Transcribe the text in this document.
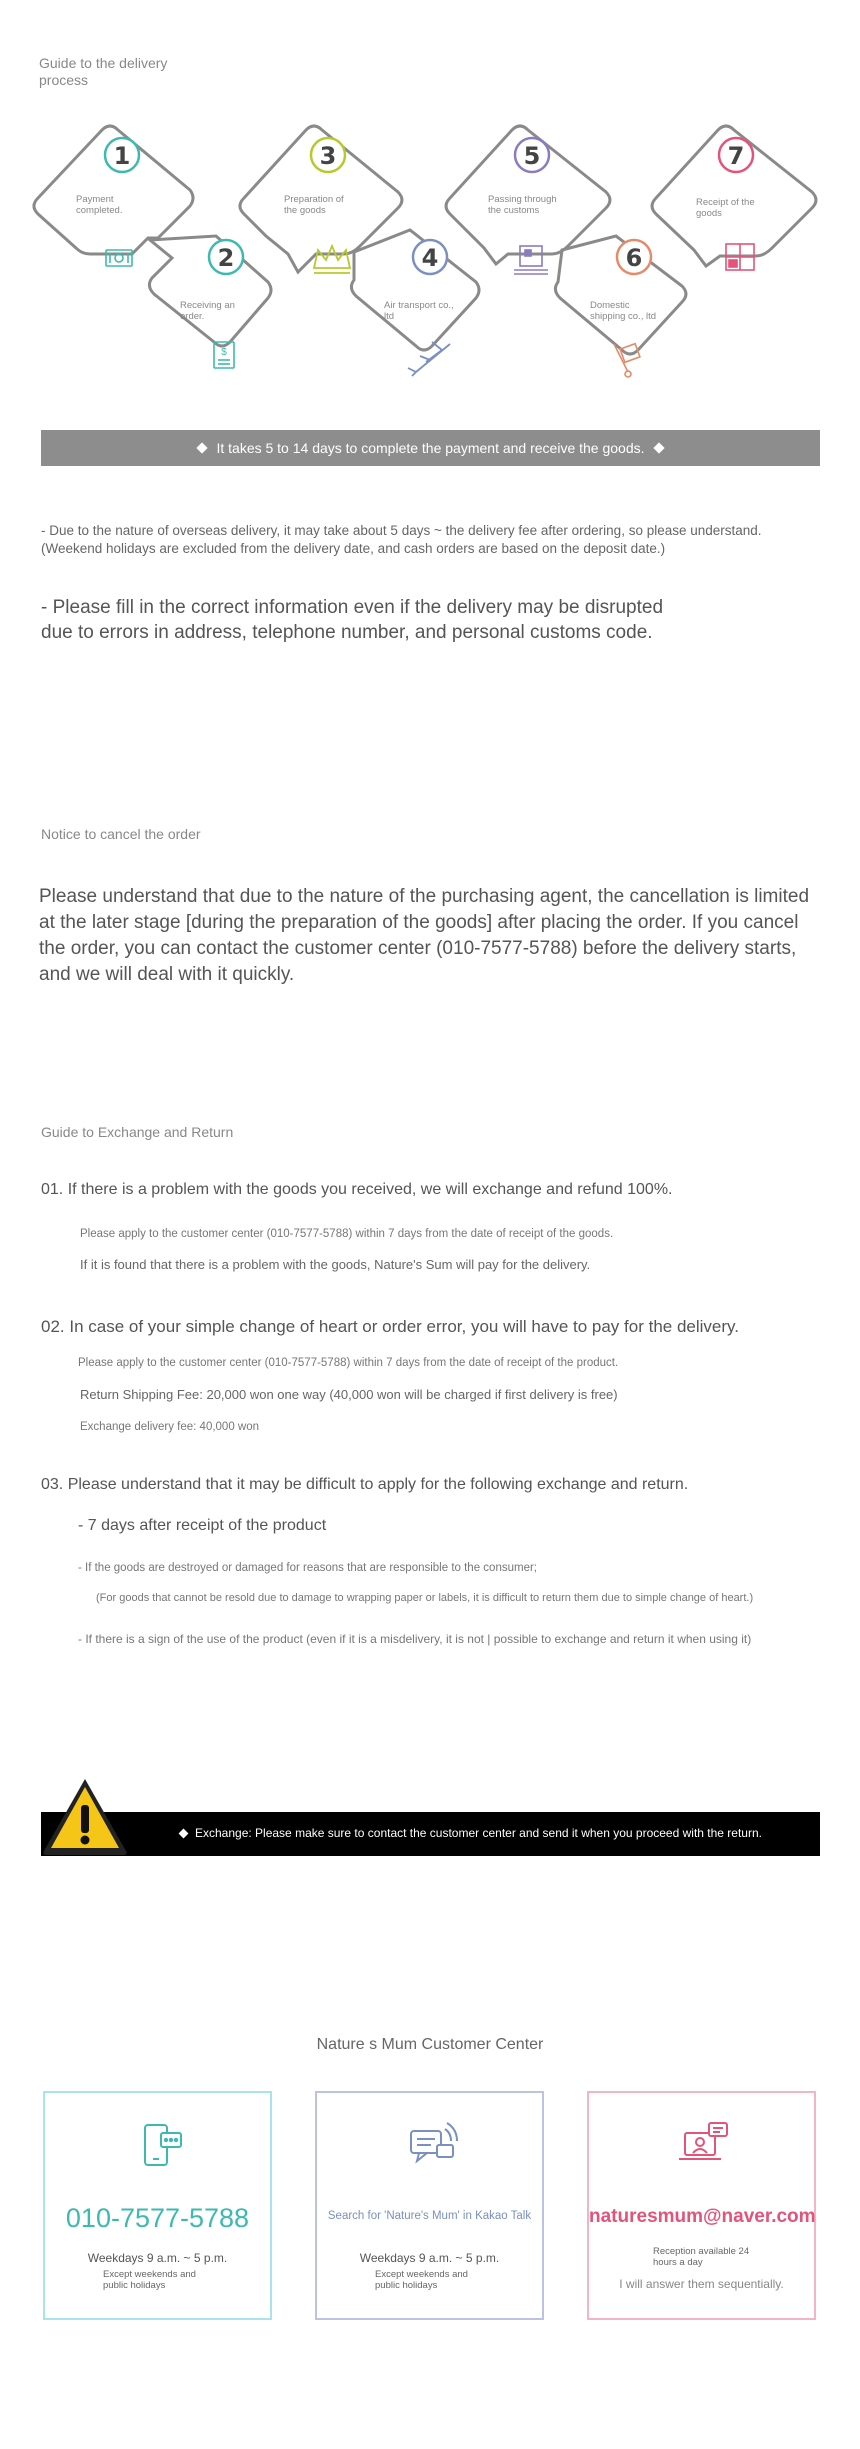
Guide to the delivery
process
1
2
3
4
5
6
7
Payment
completed.
Receiving an
order.
Preparation of
the goods
Air transport co.,
ltd
Passing through
the customs
Domestic
shipping co., ltd
Receipt of the
goods
$
It takes 5 to 14 days to complete the payment and receive the goods.
- Due to the nature of overseas delivery, it may take about 5 days ~ the delivery fee after ordering, so please understand. (Weekend holidays are excluded from the delivery date, and cash orders are based on the deposit date.)
- Please fill in the correct information even if the delivery may be disrupted
due to errors in address, telephone number, and personal customs code.
Notice to cancel the order
Please understand that due to the nature of the purchasing agent, the cancellation is limited at the later stage [during the preparation of the goods] after placing the order. If you cancel the order, you can contact the customer center (010-7577-5788) before the delivery starts, and we will deal with it quickly.
Guide to Exchange and Return
01. If there is a problem with the goods you received, we will exchange and refund 100%.
Please apply to the customer center (010-7577-5788) within 7 days from the date of receipt of the goods.
If it is found that there is a problem with the goods, Nature's Sum will pay for the delivery.
02. In case of your simple change of heart or order error, you will have to pay for the delivery.
Please apply to the customer center (010-7577-5788) within 7 days from the date of receipt of the product.
Return Shipping Fee: 20,000 won one way (40,000 won will be charged if first delivery is free)
Exchange delivery fee: 40,000 won
03. Please understand that it may be difficult to apply for the following exchange and return.
- 7 days after receipt of the product
- If the goods are destroyed or damaged for reasons that are responsible to the consumer;
(For goods that cannot be resold due to damage to wrapping paper or labels, it is difficult to return them due to simple change of heart.)
- If there is a sign of the use of the product (even if it is a misdelivery, it is not | possible to exchange and return it when using it)
Exchange: Please make sure to contact the customer center and send it when you proceed with the return.
Nature s Mum Customer Center
010-7577-5788
Weekdays 9 a.m. ~ 5 p.m.
Except weekends and
public holidays
Search for 'Nature's Mum' in Kakao Talk
Weekdays 9 a.m. ~ 5 p.m.
Except weekends and
public holidays
naturesmum@naver.com
Reception available 24
hours a day
I will answer them sequentially.
